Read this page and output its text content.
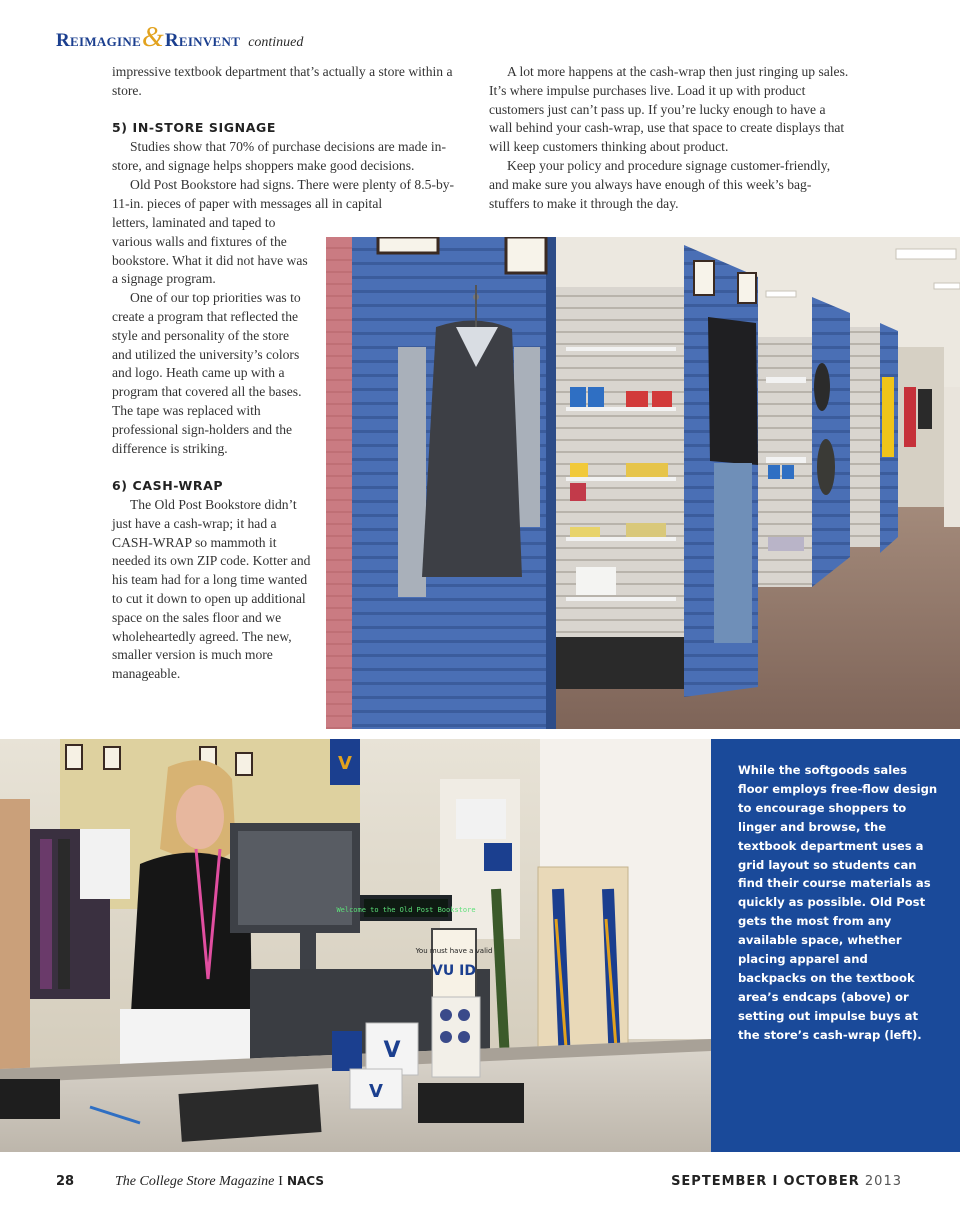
Reimagine & Reinvent continued

impressive textbook department that’s actually a store within a store.

5) IN-STORE SIGNAGE

Studies show that 70% of purchase decisions are made in-store, and signage helps shoppers make good decisions.

Old Post Bookstore had signs. There were plenty of 8.5-by-11-in. pieces of paper with messages all in capital

letters, laminated and taped to various walls and fixtures of the bookstore. What it did not have was a signage program.

One of our top priorities was to create a program that reflected the style and personality of the store and utilized the university’s colors and logo. Heath came up with a program that covered all the bases. The tape was replaced with professional sign-holders and the difference is striking.

6) CASH-WRAP

The Old Post Bookstore didn’t just have a cash-wrap; it had a CASH-WRAP so mammoth it needed its own ZIP code. Kotter and his team had for a long time wanted to cut it down to open up additional space on the sales floor and we wholeheartedly agreed. The new, smaller version is much more manageable.

A lot more happens at the cash-wrap then just ringing up sales. It’s where impulse purchases live. Load it up with product customers just can’t pass up. If you’re lucky enough to have a wall behind your cash-wrap, use that space to create displays that will keep customers thinking about product.

Keep your policy and procedure signage customer-friendly, and make sure you always have enough of this week’s bag-stuffers to make it through the day.

V
Welcome to the Old Post Bookstore
You must have a valid
VU ID
V
V

While the softgoods sales floor employs free-flow design to encourage shoppers to linger and browse, the textbook department uses a grid layout so students can find their course materials as quickly as possible. Old Post gets the most from any available space, whether placing apparel and backpacks on the textbook area’s endcaps (above) or setting out impulse buys at the store’s cash-wrap (left).

28	The College Store Magazine I NACS	SEPTEMBER I OCTOBER 2013
